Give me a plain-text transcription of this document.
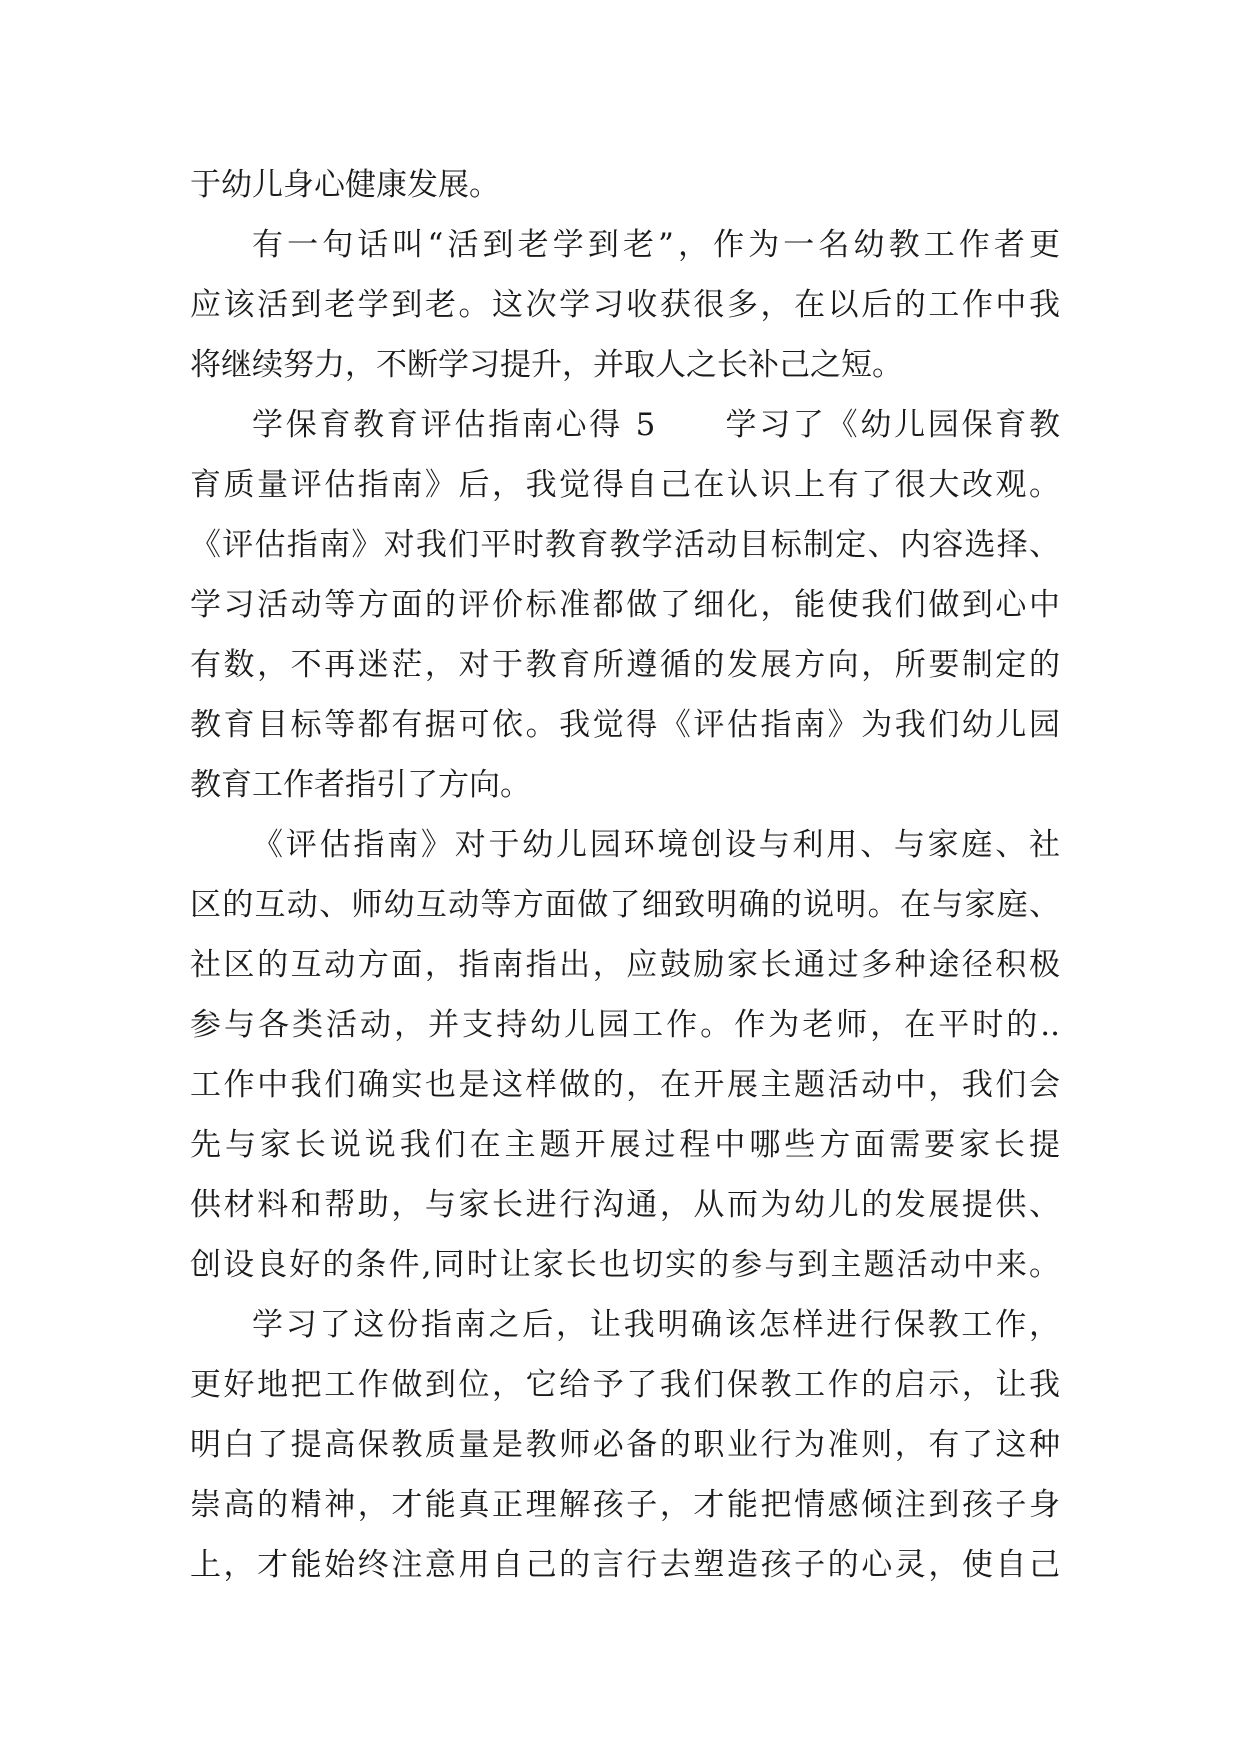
于幼儿身心健康发展。
有一句话叫“活到老学到老”，作为一名幼教工作者更
应该活到老学到老。这次学习收获很多，在以后的工作中我
将继续努力，不断学习提升，并取人之长补己之短。
学保育教育评估指南心得 5　　学习了《幼儿园保育教
育质量评估指南》后，我觉得自己在认识上有了很大改观。
《评估指南》对我们平时教育教学活动目标制定、内容选择、
学习活动等方面的评价标准都做了细化，能使我们做到心中
有数，不再迷茫，对于教育所遵循的发展方向，所要制定的
教育目标等都有据可依。我觉得《评估指南》为我们幼儿园
教育工作者指引了方向。
《评估指南》对于幼儿园环境创设与利用、与家庭、社
区的互动、师幼互动等方面做了细致明确的说明。在与家庭、
社区的互动方面，指南指出，应鼓励家长通过多种途径积极
参与各类活动，并支持幼儿园工作。作为老师，在平时的..
工作中我们确实也是这样做的，在开展主题活动中，我们会
先与家长说说我们在主题开展过程中哪些方面需要家长提
供材料和帮助，与家长进行沟通，从而为幼儿的发展提供、
创设良好的条件,同时让家长也切实的参与到主题活动中来。
学习了这份指南之后，让我明确该怎样进行保教工作，
更好地把工作做到位，它给予了我们保教工作的启示，让我
明白了提高保教质量是教师必备的职业行为准则，有了这种
崇高的精神，才能真正理解孩子，才能把情感倾注到孩子身
上，才能始终注意用自己的言行去塑造孩子的心灵，使自己
